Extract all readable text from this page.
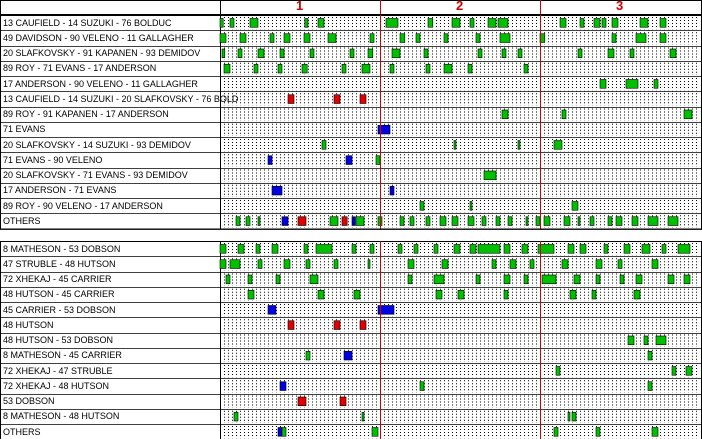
1	2	3
13 CAUFIELD - 14 SUZUKI - 76 BOLDUC
49 DAVIDSON - 90 VELENO - 11 GALLAGHER
20 SLAFKOVSKY - 91 KAPANEN - 93 DEMIDOV
89 ROY - 71 EVANS - 17 ANDERSON
17 ANDERSON - 90 VELENO - 11 GALLAGHER
13 CAUFIELD - 14 SUZUKI - 20 SLAFKOVSKY - 76 BOLD
89 ROY - 91 KAPANEN - 17 ANDERSON
71 EVANS
20 SLAFKOVSKY - 14 SUZUKI - 93 DEMIDOV
71 EVANS - 90 VELENO
20 SLAFKOVSKY - 71 EVANS - 93 DEMIDOV
17 ANDERSON - 71 EVANS
89 ROY - 90 VELENO - 17 ANDERSON
OTHERS
8 MATHESON - 53 DOBSON
47 STRUBLE - 48 HUTSON
72 XHEKAJ - 45 CARRIER
48 HUTSON - 45 CARRIER
45 CARRIER - 53 DOBSON
48 HUTSON
48 HUTSON - 53 DOBSON
8 MATHESON - 45 CARRIER
72 XHEKAJ - 47 STRUBLE
72 XHEKAJ - 48 HUTSON
53 DOBSON
8 MATHESON - 48 HUTSON
OTHERS
